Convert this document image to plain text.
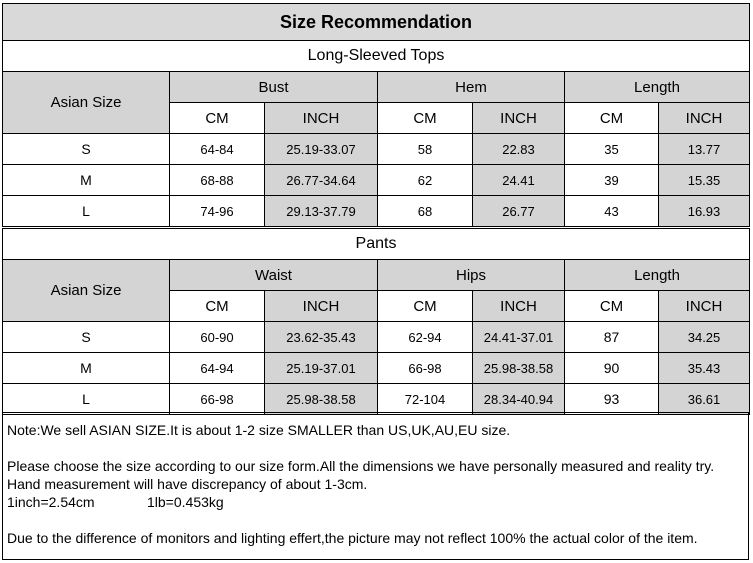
Size Recommendation						
Long-Sleeved Tops						
Asian Size	Bust		Hem		Length	
	CM	INCH	CM	INCH	CM	INCH
S	64-84	25.19-33.07	58	22.83	35	13.77
M	68-88	26.77-34.64	62	24.41	39	15.35
L	74-96	29.13-37.79	68	26.77	43	16.93
Pants						
Asian Size	Waist		Hips		Length	
	CM	INCH	CM	INCH	CM	INCH
S	60-90	23.62-35.43	62-94	24.41-37.01	87	34.25
M	64-94	25.19-37.01	66-98	25.98-38.58	90	35.43
L	66-98	25.98-38.58	72-104	28.34-40.94	93	36.61

Note:We sell ASIAN SIZE.It is about 1-2 size SMALLER than US,UK,AU,EU size.

Please choose the size according to our size form.All the dimensions we have personally measured and reality try.

Hand measurement will have discrepancy of about 1-3cm.

1inch=2.54cm	1lb=0.453kg

Due to the difference of monitors and lighting effert,the picture may not reflect 100% the actual color of the item.
